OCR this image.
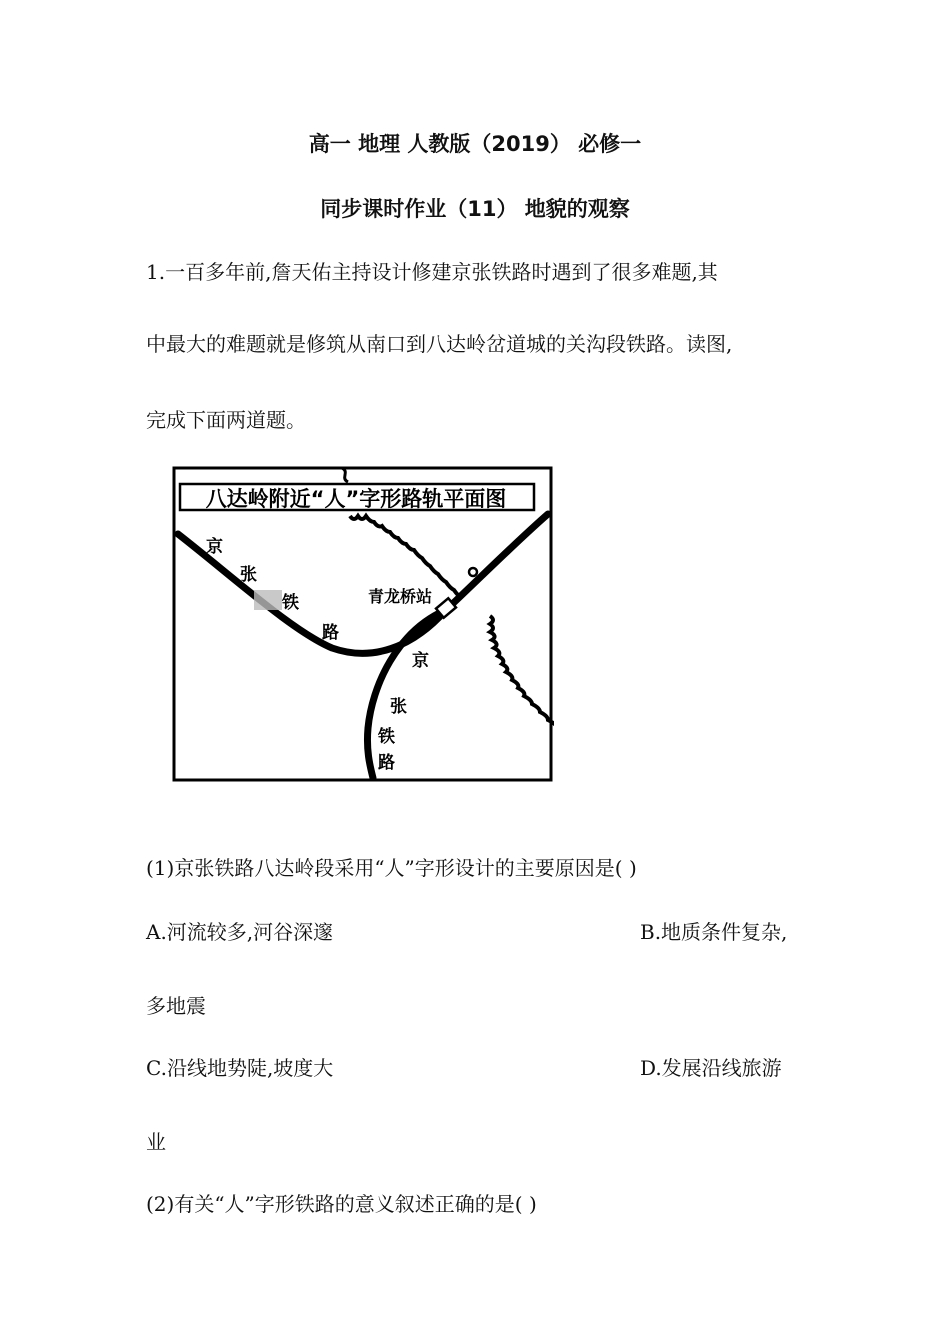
高一 地理 人教版（2019） 必修一
同步课时作业（11） 地貌的观察
1.一百多年前,詹天佑主持设计修建京张铁路时遇到了很多难题,其
中最大的难题就是修筑从南口到八达岭岔道城的关沟段铁路。读图,
完成下面两道题。
八达岭附近“人”字形路轨平面图
青龙桥站
京
张
铁
路
京
张
铁
路
(1)京张铁路八达岭段采用“人”字形设计的主要原因是( )
A.河流较多,河谷深邃	B.地质条件复杂,
多地震
C.沿线地势陡,坡度大	D.发展沿线旅游
业
(2)有关“人”字形铁路的意义叙述正确的是( )
